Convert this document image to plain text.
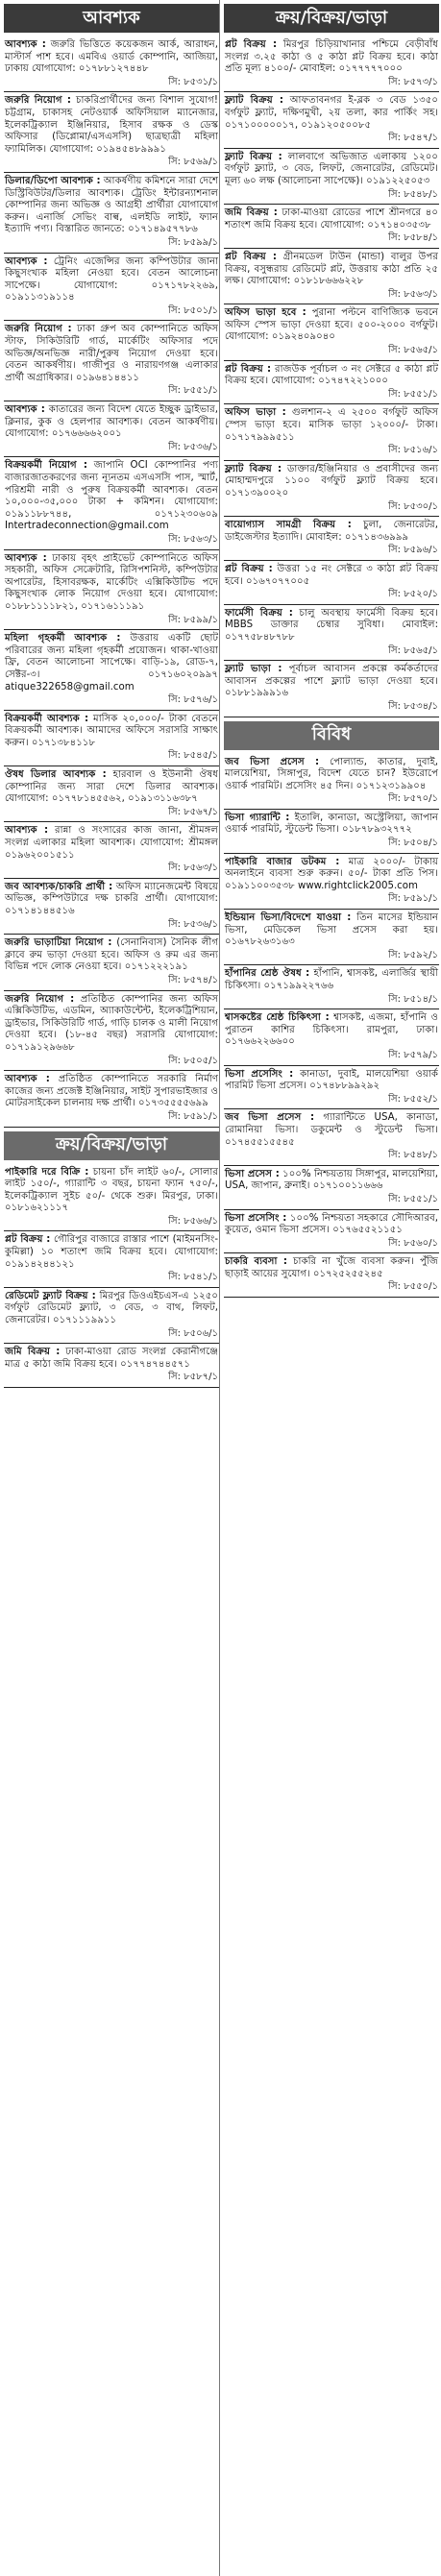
আবশ্যক
আবশ্যক : জরুরি ভিত্তিতে কয়েকজন আর্ক, আরাধন, মাস্টার্স পাশ হবে। এমবিএ ওয়ার্ড কোম্পানি, আজিয়া, ঢাকায় যোগাযোগ: ০১৭৮৮১২৭৪৪৮
সি: ৮৫৩১/১
জরুরি নিয়োগ : চাকরিপ্রার্থীদের জন্য বিশাল সুযোগ! চট্টগ্রাম, চাকাসহ নেটওয়ার্ক অফিসিয়াল ম্যানেজার, ইলেকট্রিক্যাল ইঞ্জিনিয়ার, হিসাব রক্ষক ও ডেস্ক অফিসার (ডিপ্লোমা/এসএসসি) ছাত্রছাত্রী মহিলা ফ্যামিলিক। যোগাযোগ: ০১৯৪৫৪৮৯৯৯১
সি: ৮৫৬৯/১
ডিলার/ডিপো আবশ্যক : আকর্ষণীয় কমিশনে সারা দেশে ডিস্ট্রিবিউটর/ডিলার আবশ্যক। ট্রেডিং ইন্টারন্যাশনাল কোম্পানির জন্য অভিজ্ঞ ও আগ্রহী প্রার্থীরা যোগাযোগ করুন। এনার্জি সেভিং বাল্ব, এলইডি লাইট, ফ্যান ইত্যাদি পণ্য। বিস্তারিত জানতে: ০১৭১৪৯৫৭৭৮৬
সি: ৮৫৯৯/১
আবশ্যক : ট্রেনিং এজেন্সির জন্য কম্পিউটার জানা কিছুসংখ্যক মহিলা নেওয়া হবে। বেতন আলোচনা সাপেক্ষে। যোগাযোগ: ০১৭১৭৮২২৬৯, ০১৯১১৩১৯১১৪
সি: ৮৫০১/১
জরুরি নিয়োগ : ঢাকা গ্রুপ অব কোম্পানিতে অফিস স্টাফ, সিকিউরিটি গার্ড, মার্কেটিং অফিসার পদে অভিজ্ঞ/অনভিজ্ঞ নারী/পুরুষ নিয়োগ দেওয়া হবে। বেতন আকর্ষণীয়। গাজীপুর ও নারায়ণগঞ্জ এলাকার প্রার্থী অগ্রাধিকার। ০১৯৬৪১৪৪১১
সি: ৮৫৫১/১
আবশ্যক : কাতারের জন্য বিদেশ যেতে ইচ্ছুক ড্রাইভার, ক্লিনার, কুক ও হেলপার আবশ্যক। বেতন আকর্ষণীয়। যোগাযোগ: ০১৭৬৬৬৬২০০১
সি: ৮৫৩৬/১
বিক্রয়কর্মী নিয়োগ : জাপানি OCI কোম্পানির পণ্য বাজারজাতকরণের জন্য ন্যূনতম এসএসসি পাস, স্মার্ট, পরিশ্রমী নারী ও পুরুষ বিক্রয়কর্মী আবশ্যক। বেতন ১০,০০০-৩৫,০০০ টাকা + কমিশন। যোগাযোগ: ০১৯১১৮৮৭৪৪, ০১৭১২৩০৬০৯ Intertradeconnection@gmail.com
সি: ৮৫৬৩/১
আবশ্যক : ঢাকায় বৃহৎ প্রাইভেট কোম্পানিতে অফিস সহকারী, অফিস সেক্রেটারি, রিসিপশনিস্ট, কম্পিউটার অপারেটর, হিসাবরক্ষক, মার্কেটিং এক্সিকিউটিভ পদে কিছুসংখ্যক লোক নিয়োগ দেওয়া হবে। যোগাযোগ: ০১৮৮১১১১৮২১, ০১৭১৬১১১৯১
সি: ৮৫৯৯/১
মহিলা গৃহকর্মী আবশ্যক : উত্তরায় একটি ছোট পরিবারের জন্য মহিলা গৃহকর্মী প্রয়োজন। থাকা-খাওয়া ফ্রি, বেতন আলোচনা সাপেক্ষে। বাড়ি-১৯, রোড-৭, সেক্টর-৩। ০১৭১৬০২০৯৯৭ atique322658@gmail.com
সি: ৮৫৭৬/১
বিক্রয়কর্মী আবশ্যক : মাসিক ২০,০০০/- টাকা বেতনে বিক্রয়কর্মী আবশ্যক। আমাদের অফিসে সরাসরি সাক্ষাৎ করুন। ০১৭১৩৮৪১১৮
সি: ৮৫৪৫/১
ঔষধ ডিলার আবশ্যক : হারবাল ও ইউনানী ঔষধ কোম্পানির জন্য সারা দেশে ডিলার আবশ্যক। যোগাযোগ: ০১৭৭৮১৪৫৫৬২, ০১৯১৩১১৬৩৮৭
সি: ৮৫৬৭/১
আবশ্যক : রান্না ও সংসারের কাজ জানা, শ্রীমঙ্গল সংলগ্ন এলাকার মহিলা আবশ্যক। যোগাযোগ: শ্রীমঙ্গল ০১৯৬২০০১৫১১
সি: ৮৫৬৩/১
জব আবশ্যক/চাকরি প্রার্থী : অফিস ম্যানেজমেন্ট বিষয়ে অভিজ্ঞ, কম্পিউটারে দক্ষ চাকরি প্রার্থী। যোগাযোগ: ০১৭১৪১৪৪৫১৬
সি: ৮৫৩৬/১
জরুরি ভাড়াটিয়া নিয়োগ : (সেনানিবাস) সৈনিক লীগ ক্লাবে রুম ভাড়া দেওয়া হবে। অফিস ও রুম এর জন্য বিভিন্ন পদে লোক নেওয়া হবে। ০১৭১২২২১৯১
সি: ৮৫৭৪/১
জরুরি নিয়োগ : প্রতিষ্ঠিত কোম্পানির জন্য অফিস এক্সিকিউটিভ, এডমিন, অ্যাকাউন্টেন্ট, ইলেকট্রিশিয়ান, ড্রাইভার, সিকিউরিটি গার্ড, গাড়ি চালক ও মালী নিয়োগ দেওয়া হবে। (১৮-৪৫ বছর) সরাসরি যোগাযোগ: ০১৭১৯১২৯৬৬৮
সি: ৮৫০৫/১
আবশ্যক : প্রতিষ্ঠিত কোম্পানিতে সরকারি নির্মাণ কাজের জন্য প্রজেক্ট ইঞ্জিনিয়ার, সাইট সুপারভাইজার ও মোটরসাইকেল চালনায় দক্ষ প্রার্থী। ০১৭৩৫৫৫৫৬৯৯
সি: ৮৫৯১/১
ক্রয়/বিক্রয়/ভাড়া
পাইকারি দরে বিক্রি : চায়না চাঁদ লাইট ৬০/-, সোলার লাইট ১৫০/-, গ্যারান্টি ৩ বছর, চায়না ফ্যান ৭৫০/-, ইলেকট্রিক্যাল সুইচ ৫০/- থেকে শুরু। মিরপুর, ঢাকা। ০১৮১৬২১১১৭
সি: ৮৫৬৬/১
প্লট বিক্রয় : গৌরিপুর বাজারে রাস্তার পাশে (মাইমনসিং-কুমিল্লা) ১০ শতাংশ জমি বিক্রয় হবে। যোগাযোগ: ০১৯১৪২৪৪১২১
সি: ৮৫৪১/১
রেডিমেট ফ্ল্যাট বিক্রয় : মিরপুর ডিওএইচএস-এ ১২৫০ বর্গফুট রেডিমেট ফ্ল্যাট, ৩ বেড, ৩ বাথ, লিফট, জেনারেটর। ০১৭১১১৯৯১১
সি: ৮৫০৬/১
জমি বিক্রয় : ঢাকা-মাওয়া রোড সংলগ্ন কেরানীগঞ্জে মাত্র ৫ কাঠা জমি বিক্রয় হবে। ০১৭৭৪৭৪৪৫৭১
সি: ৮৫৮৭/১
ক্রয়/বিক্রয়/ভাড়া
প্লট বিক্রয় : মিরপুর চিড়িয়াখানার পশ্চিমে বেড়ীবাঁধ সংলগ্ন ৩.২৫ কাঠা ও ৫ কাঠা প্লট বিক্রয় হবে। কাঠা প্রতি মূল্য ৪১০০/- মোবাইল: ০১৭৭৭৭৭০০০
সি: ৮৫৭৩/১
ফ্ল্যাট বিক্রয় : আফতাবনগর ই-ব্লক ৩ বেড ১৩৫০ বর্গফুট ফ্ল্যাট, দক্ষিণমুখী, ২য় তলা, কার পার্কিং সহ। ০১৭১০০০০০১৭, ০১৯১২০৫০০৮৫
সি: ৮৫৪৭/১
ফ্ল্যাট বিক্রয় : লালবাগে অভিজাত এলাকায় ১২০০ বর্গফুট ফ্ল্যাট, ৩ বেড, লিফট, জেনারেটর, রেডিমেট। মূল্য ৬০ লক্ষ (আলোচনা সাপেক্ষে)। ০১৯১২২৫০৫৩
সি: ৮৫৪৮/১
জমি বিক্রয় : ঢাকা-মাওয়া রোডের পাশে শ্রীনগরে ৪০ শতাংশ জমি বিক্রয় হবে। যোগাযোগ: ০১৭১৪০৩৫৩৮
সি: ৮৫৮৪/১
প্লট বিক্রয় : গ্রীনমডেল টাউন (মান্ডা) বালুর উপর বিক্রয়, বসুন্ধরায় রেডিমেট প্লট, উত্তরায় কাঠা প্রতি ২৫ লক্ষ। যোগাযোগ: ০১৮১৮৬৬৬২২৮
সি: ৮৫৬৩/১
অফিস ভাড়া হবে : পুরানা পল্টনে বাণিজ্যিক ভবনে অফিস স্পেস ভাড়া দেওয়া হবে। ৫০০-২০০০ বর্গফুট। যোগাযোগ: ০১৯২৪০৯০৪০
সি: ৮৫৬৫/১
প্লট বিক্রয় : রাজউক পূর্বাচল ৩ নং সেক্টরে ৫ কাঠা প্লট বিক্রয় হবে। যোগাযোগ: ০১৭৪৭২২১০০০
সি: ৮৫৫১/১
অফিস ভাড়া : গুলশান-২ এ ২৫০০ বর্গফুট অফিস স্পেস ভাড়া হবে। মাসিক ভাড়া ১২০০০/- টাকা। ০১৭১৭৯৯৯৫১১
সি: ৮৫১৬/১
ফ্ল্যাট বিক্রয় : ডাক্তার/ইঞ্জিনিয়ার ও প্রবাসীদের জন্য মোহাম্মদপুরে ১১০০ বর্গফুট ফ্ল্যাট বিক্রয় হবে। ০১৭১৩৯০০২০
সি: ৮৫৩০/১
বায়োগ্যাস সামগ্রী বিক্রয় : চুলা, জেনারেটর, ডাইজেস্টার ইত্যাদি। মোবাইল: ০১৭১৪৩৬৯৯৯
সি: ৮৫৯৬/১
প্লট বিক্রয় : উত্তরা ১৫ নং সেক্টরে ৩ কাঠা প্লট বিক্রয় হবে। ০১৬৭০৭৭০০৫
সি: ৮৫২০/১
ফার্মেসী বিক্রয় : চালু অবস্থায় ফার্মেসী বিক্রয় হবে। MBBS ডাক্তার চেম্বার সুবিধা। মোবাইল: ০১৭৭৫৮৪৮৭৮৮
সি: ৮৫৬৫/১
ফ্ল্যাট ভাড়া : পূর্বাচল আবাসন প্রকল্পে কর্মকর্তাদের আবাসন প্রকল্পের পাশে ফ্ল্যাট ভাড়া দেওয়া হবে। ০১৮৮১৯৯৯১৬
সি: ৮৫৩৪/১
বিবিধ
জব ভিসা প্রসেস : পোল্যান্ড, কাতার, দুবাই, মালয়েশিয়া, সিঙ্গাপুর, বিদেশ যেতে চান? ইউরোপে ওয়ার্ক পারমিট। প্রসেসিং ৪৫ দিন। ০১৭১২৩১৯৯০৪
সি: ৮৫৭০/১
ভিসা গ্যারান্টি : ইতালি, কানাডা, অস্ট্রেলিয়া, জাপান ওয়ার্ক পারমিট, স্টুডেন্ট ভিসা। ০১৮৭৮৯৩২৭৭২
সি: ৮৫০৪/১
পাইকারি বাজার ডটকম : মাত্র ২০০০/- টাকায় অনলাইনে ব্যবসা শুরু করুন। ৫০/- টাকা প্রতি পিস। ০১৯১১০০৩৫৩৮ www.rightclick2005.com
সি: ৮৫৯১/১
ইন্ডিয়ান ভিসা/বিদেশে যাওয়া : তিন মাসের ইন্ডিয়ান ভিসা, মেডিকেল ভিসা প্রসেস করা হয়। ০১৬৭৮২৬৩১৬৩
সি: ৮৫৯২/১
হাঁপানির শ্রেষ্ঠ ঔষধ : হাঁপানি, শ্বাসকষ্ট, এলার্জির স্থায়ী চিকিৎসা। ০১৭১৯৯২২৭৬৬
সি: ৮৫১৪/১
শ্বাসকষ্টের শ্রেষ্ঠ চিকিৎসা : শ্বাসকষ্ট, এজমা, হাঁপানি ও পুরাতন কাশির চিকিৎসা। রামপুরা, ঢাকা। ০১৭৬৬২২৬৬০০
সি: ৮৫৭৯/১
ভিসা প্রসেসিং : কানাডা, দুবাই, মালয়েশিয়া ওয়ার্ক পারমিট ভিসা প্রসেস। ০১৭৪৮৮৯৯২৯২
সি: ৮৫৫২/১
জব ভিসা প্রসেস : গ্যারান্টিতে USA, কানাডা, রোমানিয়া ভিসা। ডকুমেন্ট ও স্টুডেন্ট ভিসা। ০১৭৪৫৫১৫৫৪৫
সি: ৮৫৪৮/১
ভিসা প্রসেস : ১০০% নিশ্চয়তায় সিঙ্গাপুর, মালয়েশিয়া, USA, জাপান, ব্রুনাই। ০১৭১০০১১৬৬৬
সি: ৮৫৫১/১
ভিসা প্রসেসিং : ১০০% নিশ্চয়তা সহকারে সৌদিআরব, কুয়েত, ওমান ভিসা প্রসেস। ০১৭৬৫৫২১১৫১
সি: ৮৫৬০/১
চাকরি ব্যবসা : চাকরি না খুঁজে ব্যবসা করুন। পুঁজি ছাড়াই আয়ের সুযোগ। ০১৭২৫২৫৫২৪৫
সি: ৮৫৫০/১
